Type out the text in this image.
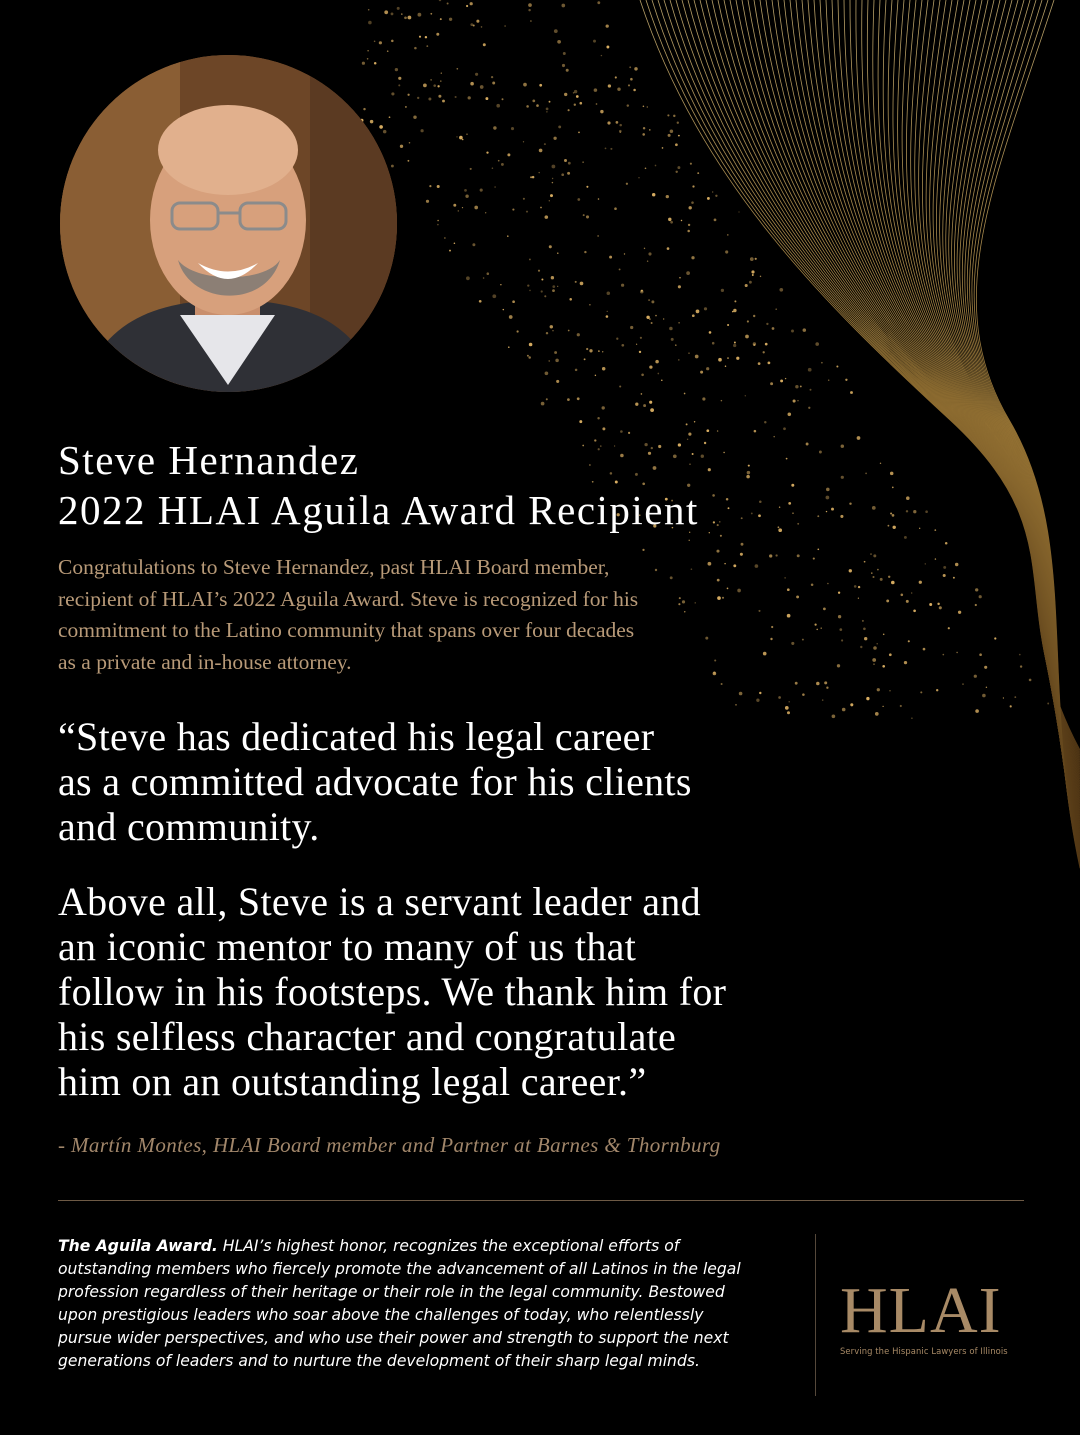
Steve Hernandez
2022 HLAI Aguila Award Recipient
Congratulations to Steve Hernandez, past HLAI Board member,
recipient of HLAI’s 2022 Aguila Award. Steve is recognized for his
commitment to the Latino community that spans over four decades
as a private and in-house attorney.
“Steve has dedicated his legal career
as a committed advocate for his clients
and community.
Above all, Steve is a servant leader and
an iconic mentor to many of us that
follow in his footsteps. We thank him for
his selfless character and congratulate
him on an outstanding legal career.”
- Martín Montes, HLAI Board member and Partner at Barnes & Thornburg
The Aguila Award. HLAI’s highest honor, recognizes the exceptional efforts of
outstanding members who fiercely promote the advancement of all Latinos in the legal
profession regardless of their heritage or their role in the legal community. Bestowed
upon prestigious leaders who soar above the challenges of today, who relentlessly
pursue wider perspectives, and who use their power and strength to support the next
generations of leaders and to nurture the development of their sharp legal minds.
HLAI
Serving the Hispanic Lawyers of Illinois
